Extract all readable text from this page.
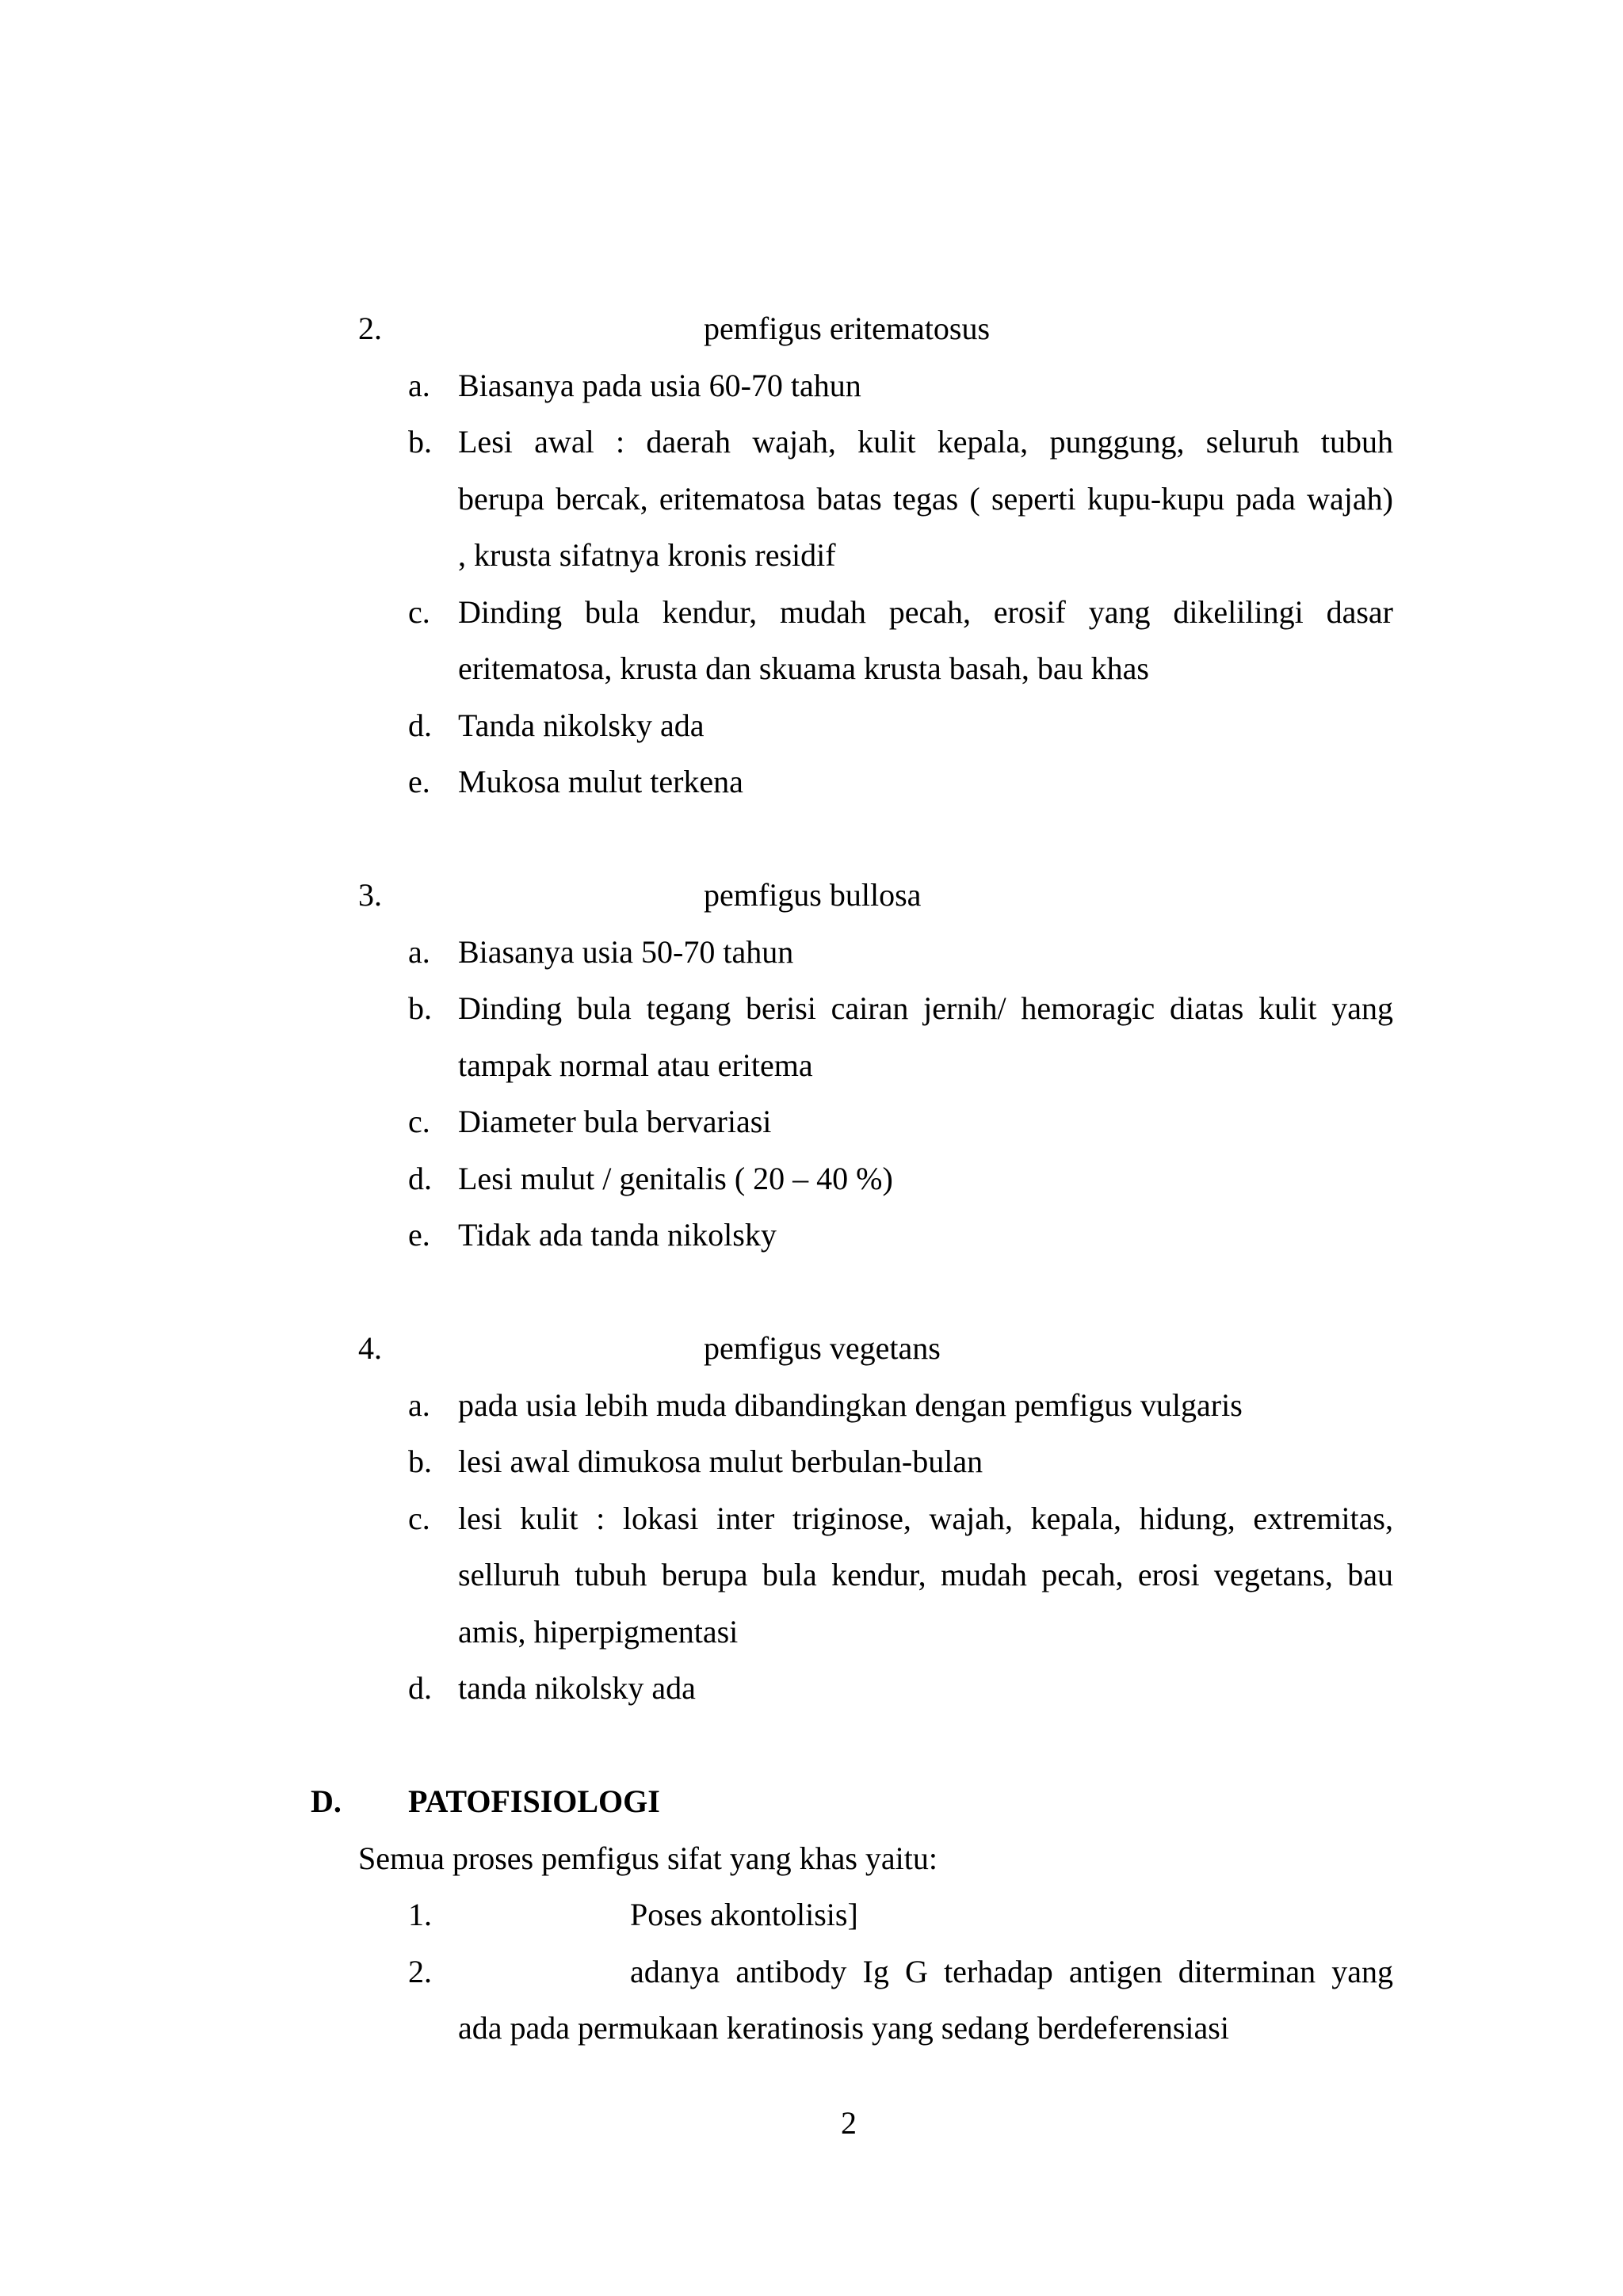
2.	pemfigus eritematosus
a. Biasanya pada usia 60-70 tahun
b. Lesi awal : daerah wajah, kulit kepala, punggung, seluruh tubuh
berupa bercak, eritematosa batas tegas ( seperti kupu-kupu pada wajah)
, krusta sifatnya kronis residif
c. Dinding bula kendur, mudah pecah, erosif yang dikelilingi dasar
eritematosa, krusta dan skuama krusta basah, bau khas
d. Tanda nikolsky ada
e. Mukosa mulut terkena
3.	pemfigus bullosa
a. Biasanya usia 50-70 tahun
b. Dinding bula tegang berisi cairan jernih/ hemoragic diatas kulit yang
tampak normal atau eritema
c. Diameter bula bervariasi
d. Lesi mulut / genitalis ( 20 – 40 %)
e. Tidak ada tanda nikolsky
4.	pemfigus vegetans
a. pada usia lebih muda dibandingkan dengan pemfigus vulgaris
b. lesi awal dimukosa mulut berbulan-bulan
c. lesi kulit : lokasi inter triginose, wajah, kepala, hidung, extremitas,
selluruh tubuh berupa bula kendur, mudah pecah, erosi vegetans, bau
amis, hiperpigmentasi
d. tanda nikolsky ada
D. PATOFISIOLOGI
Semua proses pemfigus sifat yang khas yaitu:
1.	Poses akontolisis]
2.	adanya antibody Ig G terhadap antigen diterminan yang
ada pada permukaan keratinosis yang sedang berdeferensiasi
2
